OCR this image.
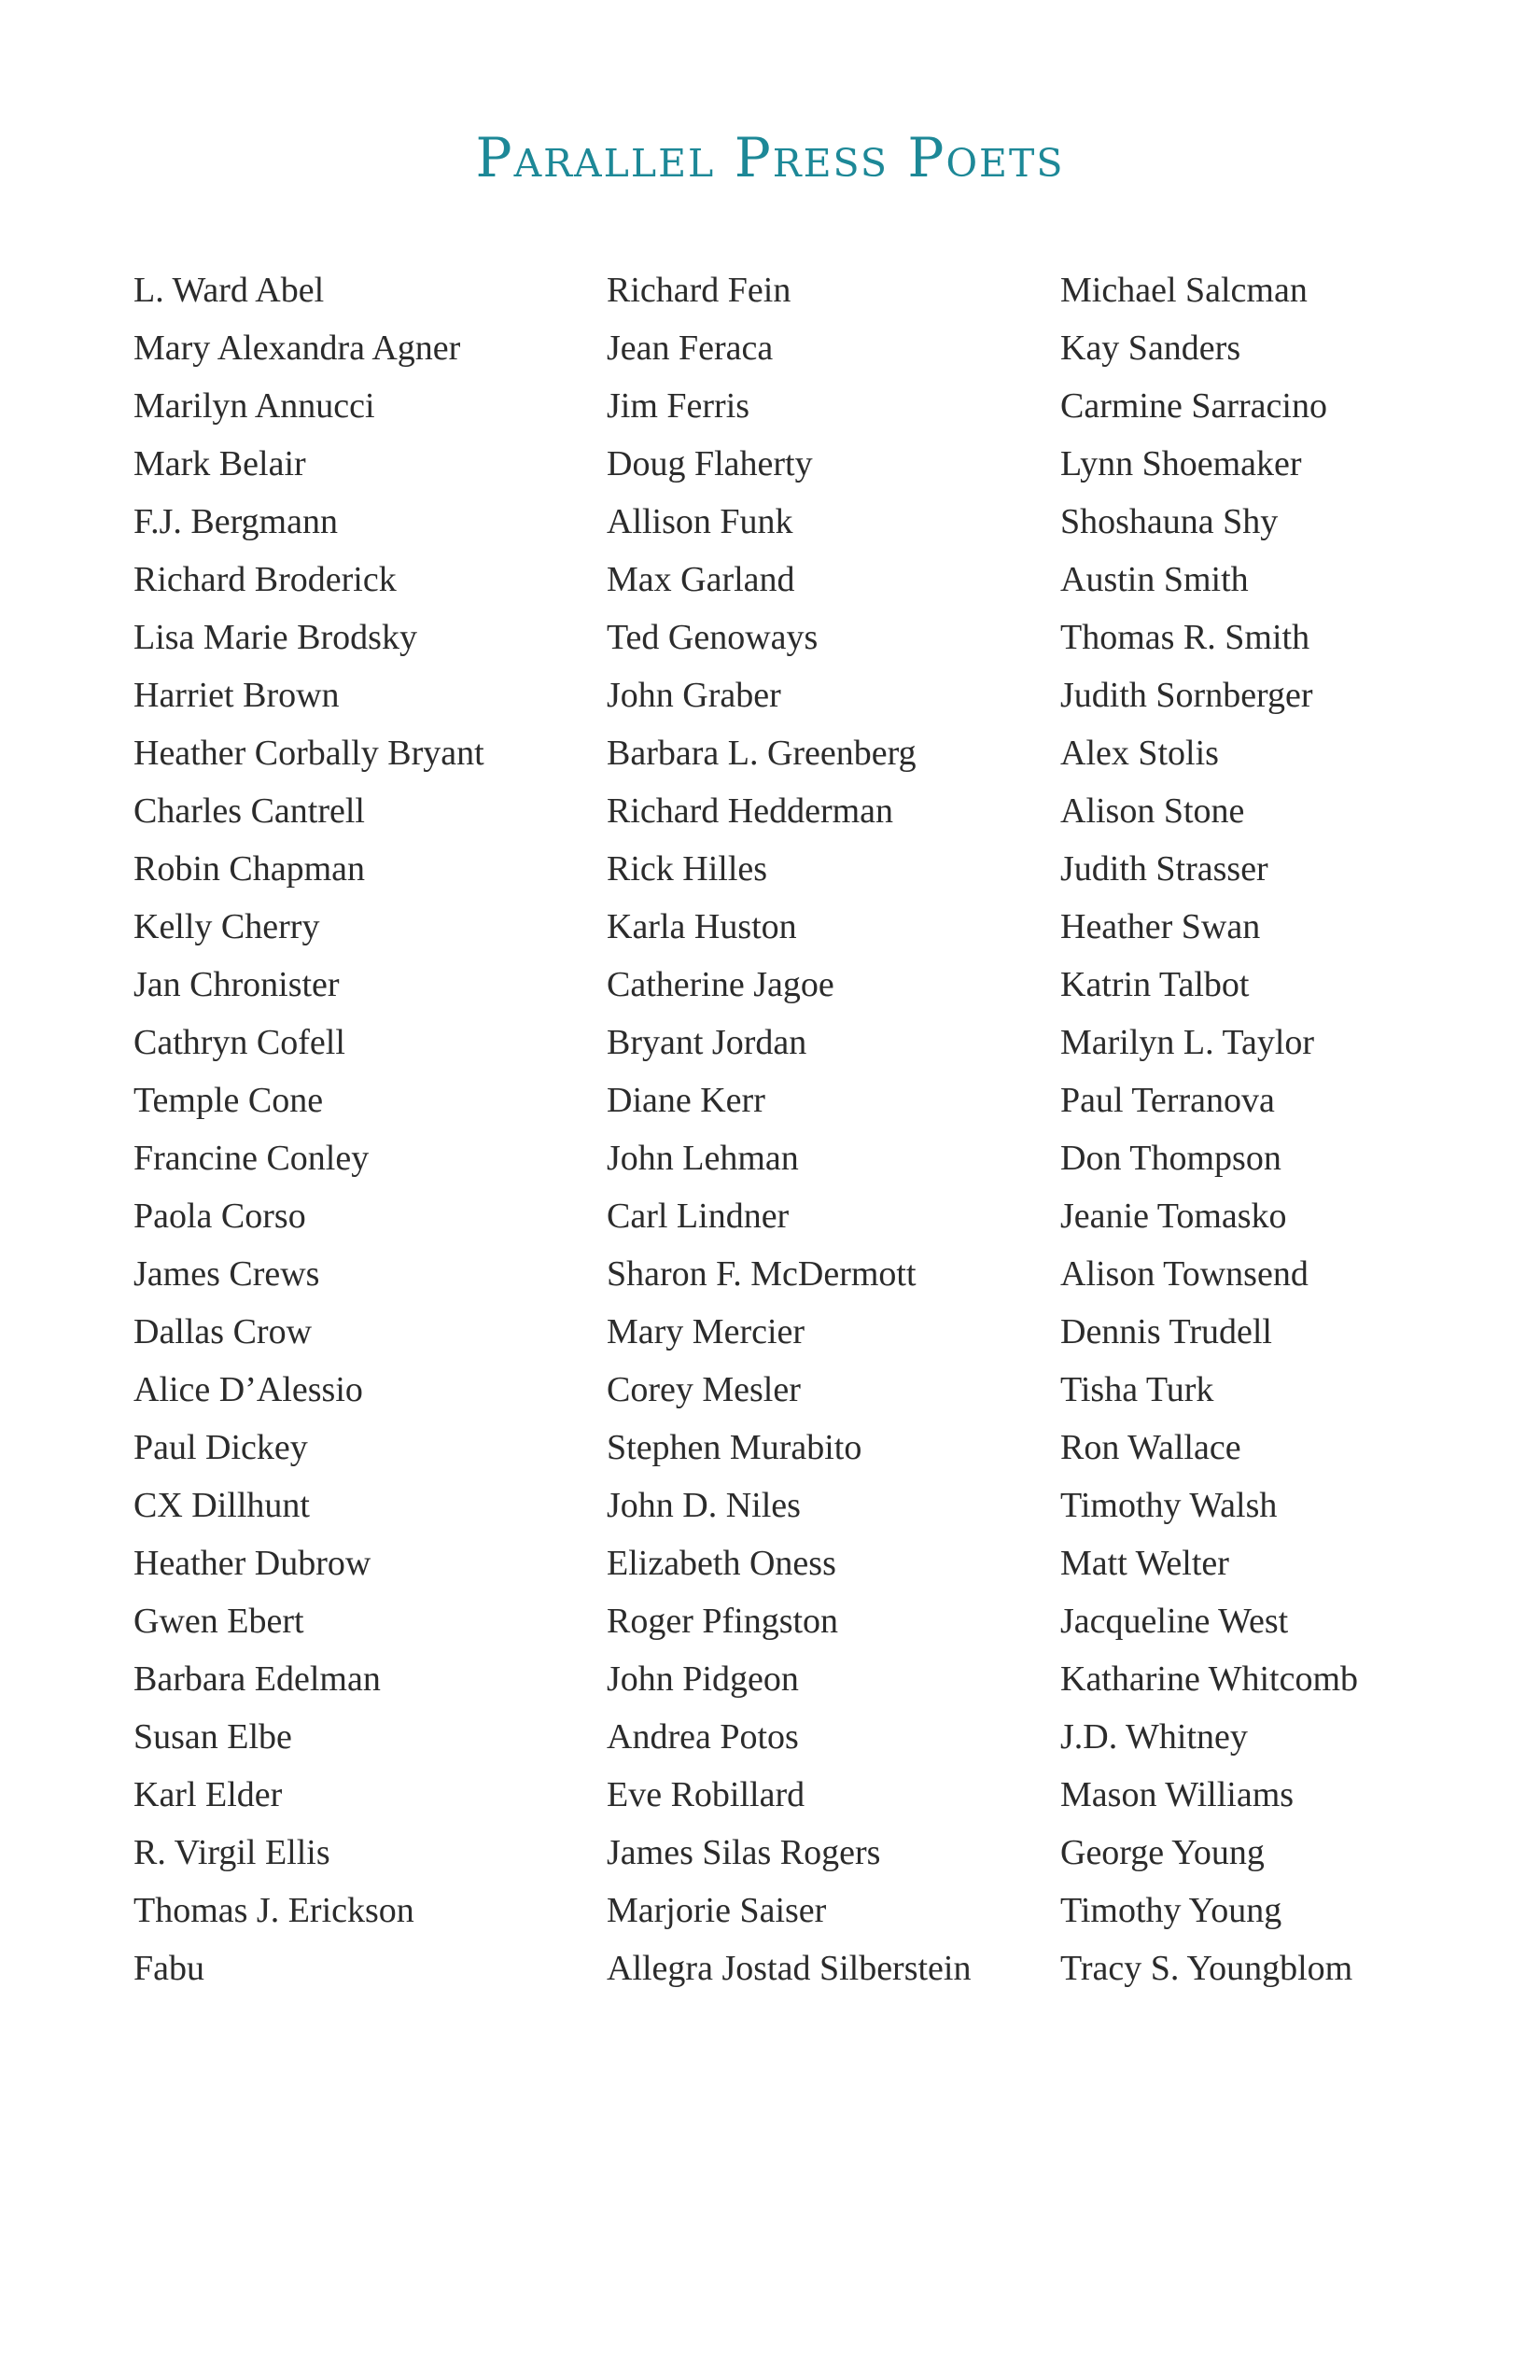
Parallel Press Poets
L. Ward Abel
Mary Alexandra Agner
Marilyn Annucci
Mark Belair
F.J. Bergmann
Richard Broderick
Lisa Marie Brodsky
Harriet Brown
Heather Corbally Bryant
Charles Cantrell
Robin Chapman
Kelly Cherry
Jan Chronister
Cathryn Cofell
Temple Cone
Francine Conley
Paola Corso
James Crews
Dallas Crow
Alice D’Alessio
Paul Dickey
CX Dillhunt
Heather Dubrow
Gwen Ebert
Barbara Edelman
Susan Elbe
Karl Elder
R. Virgil Ellis
Thomas J. Erickson
Fabu
Richard Fein
Jean Feraca
Jim Ferris
Doug Flaherty
Allison Funk
Max Garland
Ted Genoways
John Graber
Barbara L. Greenberg
Richard Hedderman
Rick Hilles
Karla Huston
Catherine Jagoe
Bryant Jordan
Diane Kerr
John Lehman
Carl Lindner
Sharon F. McDermott
Mary Mercier
Corey Mesler
Stephen Murabito
John D. Niles
Elizabeth Oness
Roger Pfingston
John Pidgeon
Andrea Potos
Eve Robillard
James Silas Rogers
Marjorie Saiser
Allegra Jostad Silberstein
Michael Salcman
Kay Sanders
Carmine Sarracino
Lynn Shoemaker
Shoshauna Shy
Austin Smith
Thomas R. Smith
Judith Sornberger
Alex Stolis
Alison Stone
Judith Strasser
Heather Swan
Katrin Talbot
Marilyn L. Taylor
Paul Terranova
Don Thompson
Jeanie Tomasko
Alison Townsend
Dennis Trudell
Tisha Turk
Ron Wallace
Timothy Walsh
Matt Welter
Jacqueline West
Katharine Whitcomb
J.D. Whitney
Mason Williams
George Young
Timothy Young
Tracy S. Youngblom
